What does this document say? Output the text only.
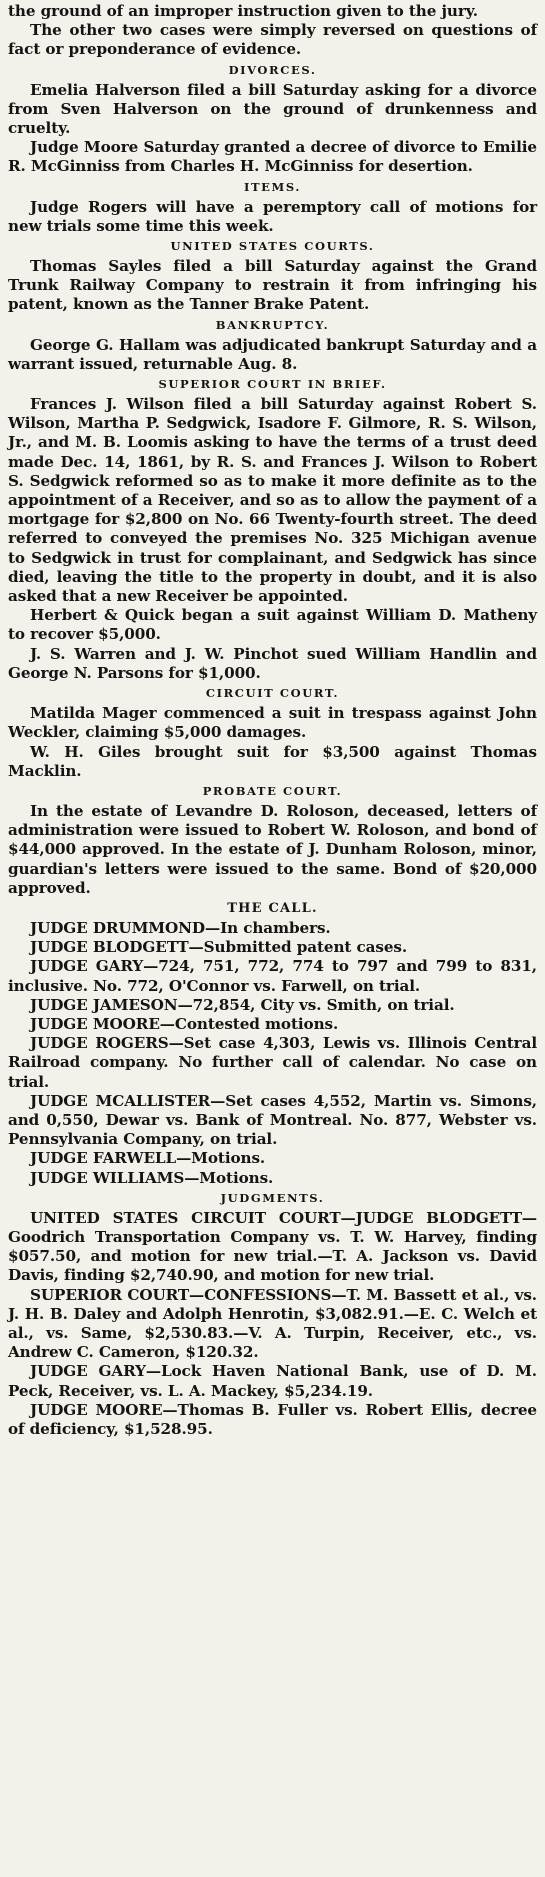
the ground of an improper instruction given to the jury.

The other two cases were simply reversed on questions of fact or preponderance of evidence.

DIVORCES.

Emelia Halverson filed a bill Saturday asking for a divorce from Sven Halverson on the ground of drunkenness and cruelty.

Judge Moore Saturday granted a decree of divorce to Emilie R. McGinniss from Charles H. McGinniss for desertion.

ITEMS.

Judge Rogers will have a peremptory call of motions for new trials some time this week.

UNITED STATES COURTS.

Thomas Sayles filed a bill Saturday against the Grand Trunk Railway Company to restrain it from infringing his patent, known as the Tanner Brake Patent.

BANKRUPTCY.

George G. Hallam was adjudicated bankrupt Saturday and a warrant issued, returnable Aug. 8.

SUPERIOR COURT IN BRIEF.

Frances J. Wilson filed a bill Saturday against Robert S. Wilson, Martha P. Sedgwick, Isadore F. Gilmore, R. S. Wilson, Jr., and M. B. Loomis asking to have the terms of a trust deed made Dec. 14, 1861, by R. S. and Frances J. Wilson to Robert S. Sedgwick reformed so as to make it more definite as to the appointment of a Receiver, and so as to allow the payment of a mortgage for $2,800 on No. 66 Twenty-fourth street. The deed referred to conveyed the premises No. 325 Michigan avenue to Sedgwick in trust for complainant, and Sedgwick has since died, leaving the title to the property in doubt, and it is also asked that a new Receiver be appointed.

Herbert & Quick began a suit against William D. Matheny to recover $5,000.

J. S. Warren and J. W. Pinchot sued William Handlin and George N. Parsons for $1,000.

CIRCUIT COURT.

Matilda Mager commenced a suit in trespass against John Weckler, claiming $5,000 damages.

W. H. Giles brought suit for $3,500 against Thomas Macklin.

PROBATE COURT.

In the estate of Levandre D. Roloson, deceased, letters of administration were issued to Robert W. Roloson, and bond of $44,000 approved. In the estate of J. Dunham Roloson, minor, guardian's letters were issued to the same. Bond of $20,000 approved.

THE CALL.

JUDGE DRUMMOND—In chambers.

JUDGE BLODGETT—Submitted patent cases.

JUDGE GARY—724, 751, 772, 774 to 797 and 799 to 831, inclusive. No. 772, O'Connor vs. Farwell, on trial.

JUDGE JAMESON—72,854, City vs. Smith, on trial.

JUDGE MOORE—Contested motions.

JUDGE ROGERS—Set case 4,303, Lewis vs. Illinois Central Railroad company. No further call of calendar. No case on trial.

JUDGE MCALLISTER—Set cases 4,552, Martin vs. Simons, and 0,550, Dewar vs. Bank of Montreal. No. 877, Webster vs. Pennsylvania Company, on trial.

JUDGE FARWELL—Motions.

JUDGE WILLIAMS—Motions.

JUDGMENTS.

UNITED STATES CIRCUIT COURT—JUDGE BLODGETT—Goodrich Transportation Company vs. T. W. Harvey, finding $057.50, and motion for new trial.—T. A. Jackson vs. David Davis, finding $2,740.90, and motion for new trial.

SUPERIOR COURT—CONFESSIONS—T. M. Bassett et al., vs. J. H. B. Daley and Adolph Henrotin, $3,082.91.—E. C. Welch et al., vs. Same, $2,530.83.—V. A. Turpin, Receiver, etc., vs. Andrew C. Cameron, $120.32.

JUDGE GARY—Lock Haven National Bank, use of D. M. Peck, Receiver, vs. L. A. Mackey, $5,234.19.

JUDGE MOORE—Thomas B. Fuller vs. Robert Ellis, decree of deficiency, $1,528.95.
